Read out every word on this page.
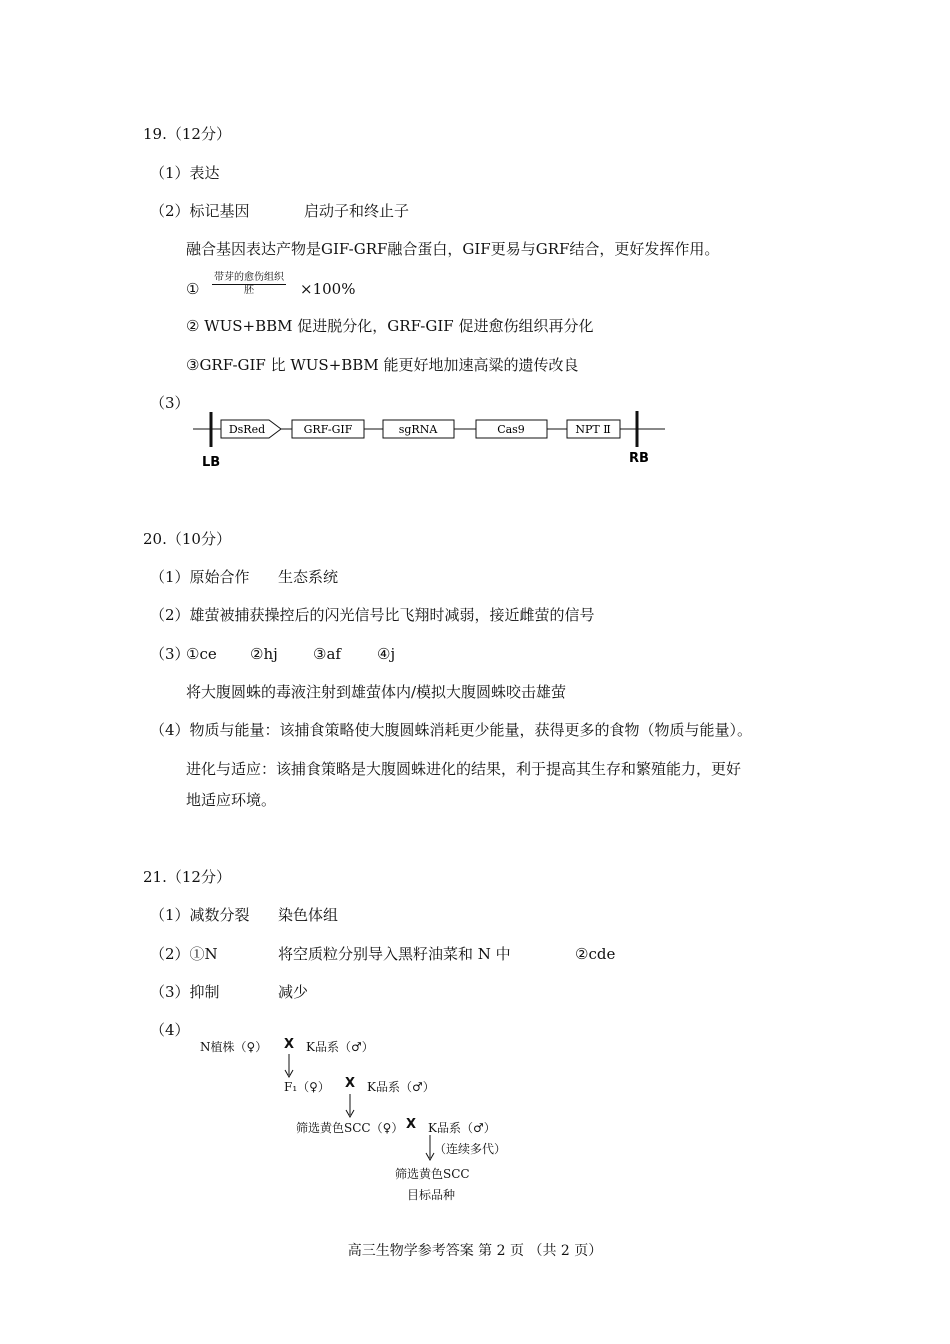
19.（12分）
（1）表达
（2）标记基因	启动子和终止子
融合基因表达产物是GIF-GRF融合蛋白，GIF更易与GRF结合，更好发挥作用。
①
带芽的愈伤组织
胚	×100%
② WUS+BBM 促进脱分化，GRF-GIF 促进愈伤组织再分化
③GRF-GIF 比 WUS+BBM 能更好地加速高粱的遗传改良
（3）
DsRed	GRF-GIF	sgRNA	Cas9	NPT Ⅱ
LB	RB
20.（10分）
（1）原始合作 生态系统
（2）雄萤被捕获操控后的闪光信号比飞翔时减弱，接近雌萤的信号
（3）
①ce ②hj ③af ④j
将大腹圆蛛的毒液注射到雄萤体内/模拟大腹圆蛛咬击雄萤
（4）物质与能量：该捕食策略使大腹圆蛛消耗更少能量，获得更多的食物（物质与能量）。
进化与适应：该捕食策略是大腹圆蛛进化的结果，利于提高其生存和繁殖能力，更好
地适应环境。
21.（12分）
（1）减数分裂 染色体组
（2）①N	将空质粒分别导入黑籽油菜和 N 中	②cde
（3）抑制	减少
（4）
N植株（♀） X K品系（♂）
F₁（♀） X K品系（♂）
筛选黄色SCC（♀） X K品系（♂）
（连续多代）
筛选黄色SCC
目标品种
高三生物学参考答案 第 2 页 （共 2 页）
